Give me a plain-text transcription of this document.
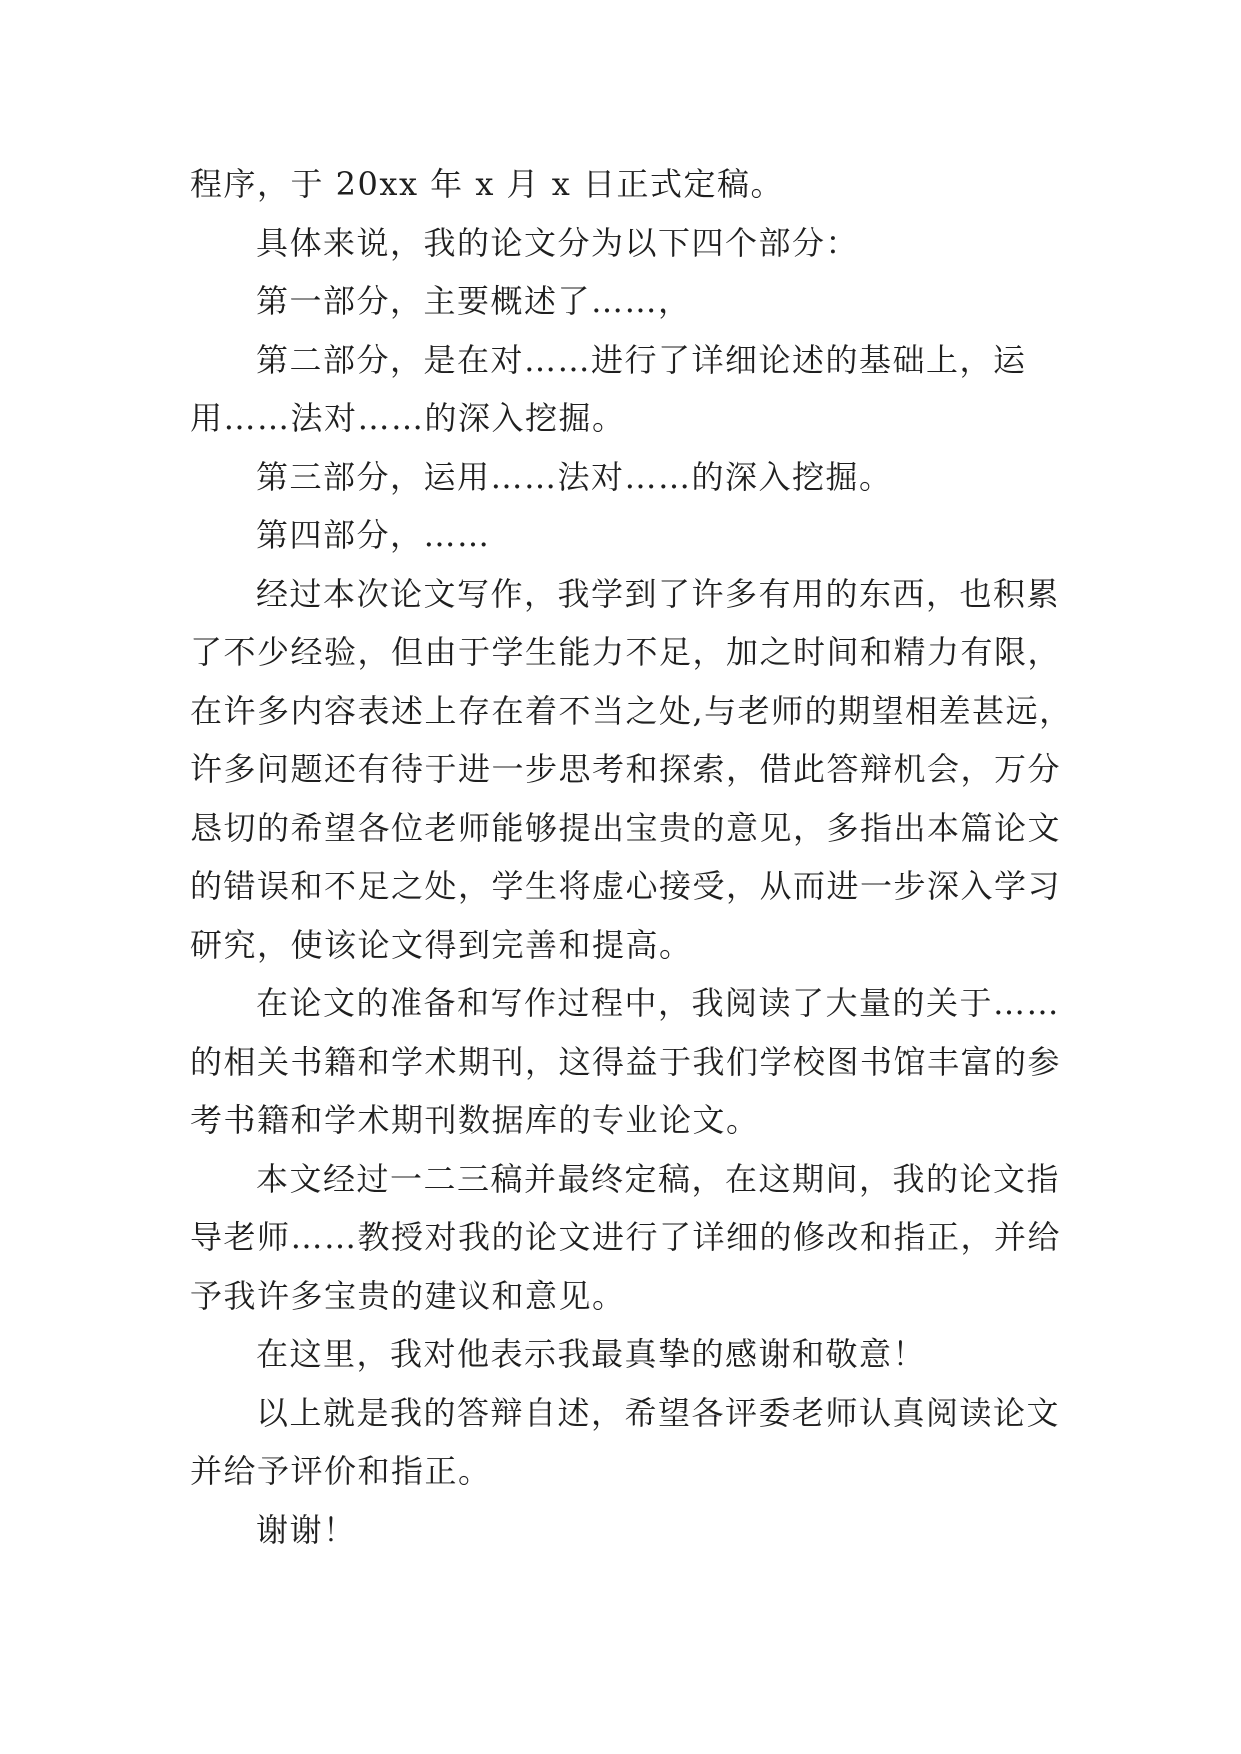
程序，于 20xx 年 x 月 x 日正式定稿。
具体来说，我的论文分为以下四个部分：
第一部分，主要概述了……，
第二部分，是在对……进行了详细论述的基础上，运
用……法对……的深入挖掘。
第三部分，运用……法对……的深入挖掘。
第四部分，……
经过本次论文写作，我学到了许多有用的东西，也积累
了不少经验，但由于学生能力不足，加之时间和精力有限，
在许多内容表述上存在着不当之处,与老师的期望相差甚远，
许多问题还有待于进一步思考和探索，借此答辩机会，万分
恳切的希望各位老师能够提出宝贵的意见，多指出本篇论文
的错误和不足之处，学生将虚心接受，从而进一步深入学习
研究，使该论文得到完善和提高。
在论文的准备和写作过程中，我阅读了大量的关于……
的相关书籍和学术期刊，这得益于我们学校图书馆丰富的参
考书籍和学术期刊数据库的专业论文。
本文经过一二三稿并最终定稿，在这期间，我的论文指
导老师……教授对我的论文进行了详细的修改和指正，并给
予我许多宝贵的建议和意见。
在这里，我对他表示我最真挚的感谢和敬意！
以上就是我的答辩自述，希望各评委老师认真阅读论文
并给予评价和指正。
谢谢！
